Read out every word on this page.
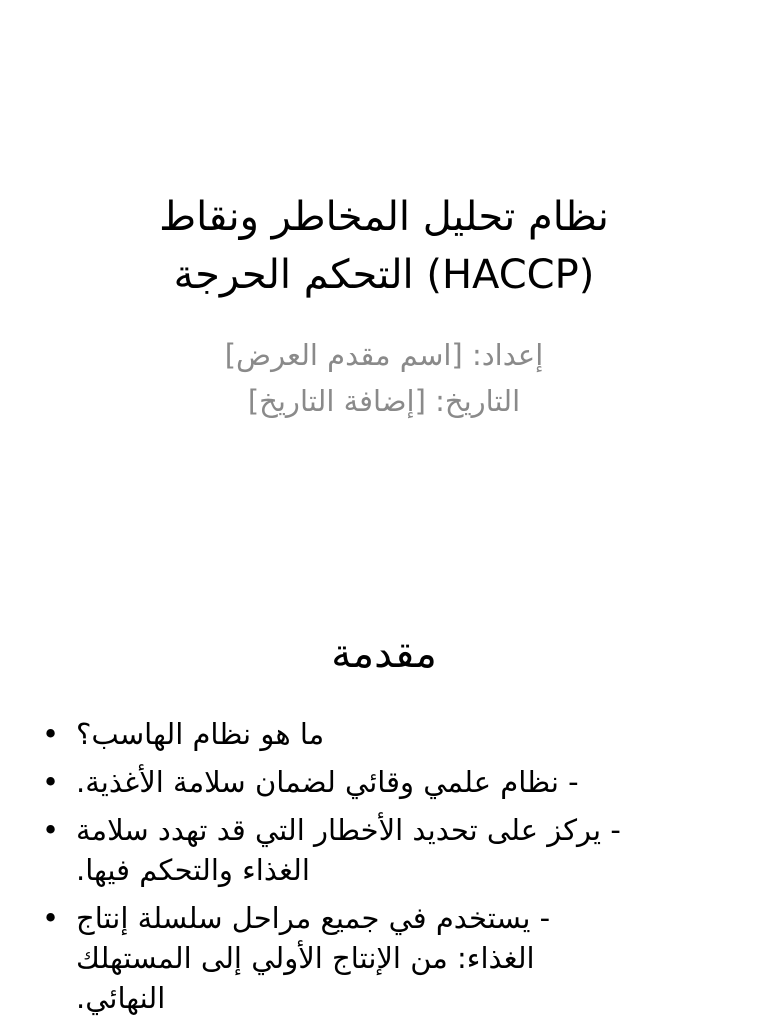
نظام تحليل المخاطر ونقاط
التحكم الحرجة (HACCP)
إعداد: [اسم مقدم العرض]
التاريخ: [إضافة التاريخ]
مقدمة
• ما هو نظام الهاسب؟
• - نظام علمي وقائي لضمان سلامة الأغذية.
• - يركز على تحديد الأخطار التي قد تهدد سلامة
الغذاء والتحكم فيها.
• - يستخدم في جميع مراحل سلسلة إنتاج
الغذاء: من الإنتاج الأولي إلى المستهلك
النهائي.
